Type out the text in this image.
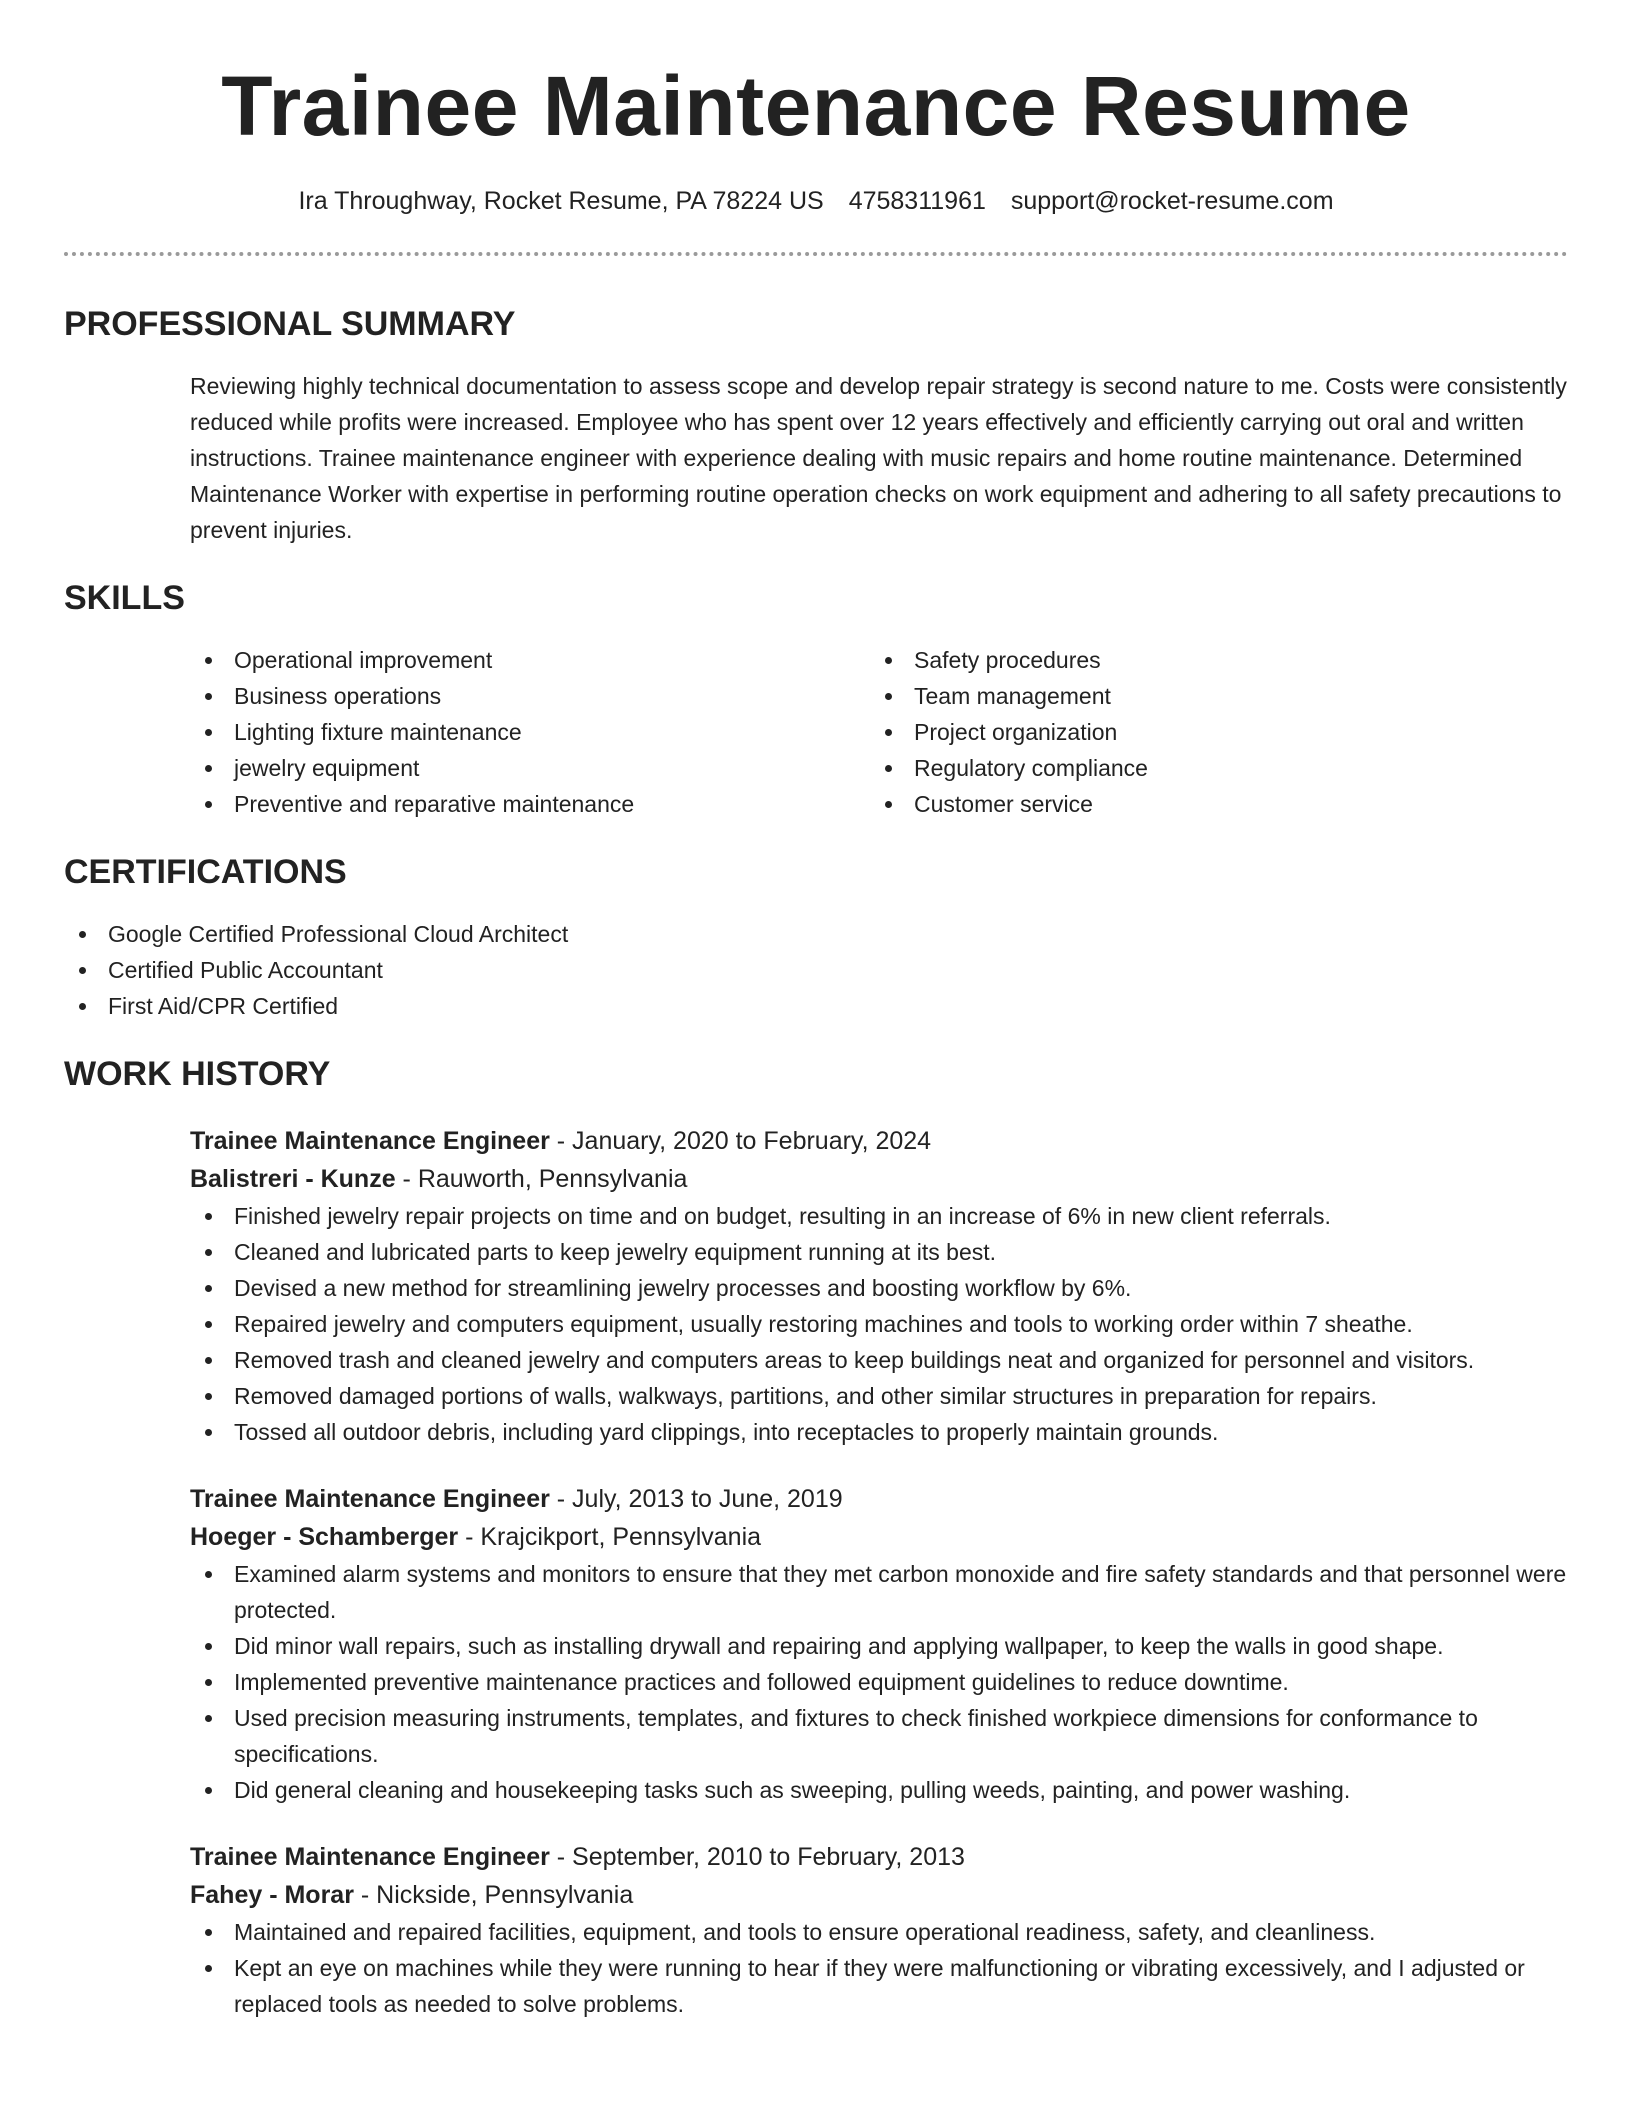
Trainee Maintenance Resume
Ira Throughway, Rocket Resume, PA 78224 US 4758311961 support@rocket-resume.com
PROFESSIONAL SUMMARY

Reviewing highly technical documentation to assess scope and develop repair strategy is second nature to me. Costs were consistently reduced while profits were increased. Employee who has spent over 12 years effectively and efficiently carrying out oral and written instructions. Trainee maintenance engineer with experience dealing with music repairs and home routine maintenance. Determined Maintenance Worker with expertise in performing routine operation checks on work equipment and adhering to all safety precautions to prevent injuries.

SKILLS
Operational improvement
Business operations
Lighting fixture maintenance
jewelry equipment
Preventive and reparative maintenance
Safety procedures
Team management
Project organization
Regulatory compliance
Customer service
CERTIFICATIONS
Google Certified Professional Cloud Architect
Certified Public Accountant
First Aid/CPR Certified
WORK HISTORY
Trainee Maintenance Engineer - January, 2020 to February, 2024
Balistreri - Kunze - Rauworth, Pennsylvania
Finished jewelry repair projects on time and on budget, resulting in an increase of 6% in new client referrals.
Cleaned and lubricated parts to keep jewelry equipment running at its best.
Devised a new method for streamlining jewelry processes and boosting workflow by 6%.
Repaired jewelry and computers equipment, usually restoring machines and tools to working order within 7 sheathe.
Removed trash and cleaned jewelry and computers areas to keep buildings neat and organized for personnel and visitors.
Removed damaged portions of walls, walkways, partitions, and other similar structures in preparation for repairs.
Tossed all outdoor debris, including yard clippings, into receptacles to properly maintain grounds.
Trainee Maintenance Engineer - July, 2013 to June, 2019
Hoeger - Schamberger - Krajcikport, Pennsylvania
Examined alarm systems and monitors to ensure that they met carbon monoxide and fire safety standards and that personnel were protected.
Did minor wall repairs, such as installing drywall and repairing and applying wallpaper, to keep the walls in good shape.
Implemented preventive maintenance practices and followed equipment guidelines to reduce downtime.
Used precision measuring instruments, templates, and fixtures to check finished workpiece dimensions for conformance to specifications.
Did general cleaning and housekeeping tasks such as sweeping, pulling weeds, painting, and power washing.
Trainee Maintenance Engineer - September, 2010 to February, 2013
Fahey - Morar - Nickside, Pennsylvania
Maintained and repaired facilities, equipment, and tools to ensure operational readiness, safety, and cleanliness.
Kept an eye on machines while they were running to hear if they were malfunctioning or vibrating excessively, and I adjusted or replaced tools as needed to solve problems.
